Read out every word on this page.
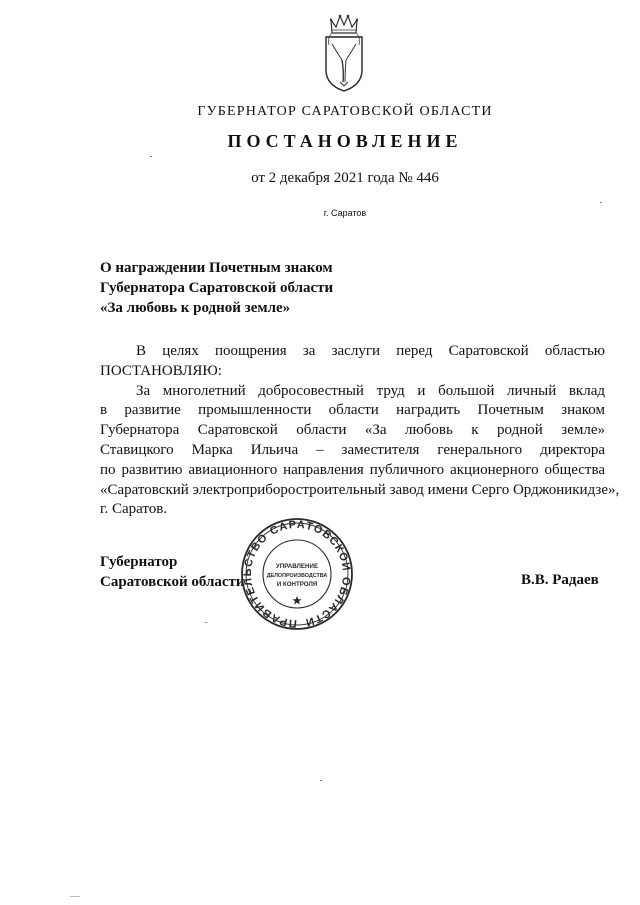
ГУБЕРНАТОР САРАТОВСКОЙ ОБЛАСТИ
ПОСТАНОВЛЕНИЕ
от 2 декабря 2021 года № 446
г. Саратов
О награждении Почетным знаком
Губернатора Саратовской области
«За любовь к родной земле»
В целях поощрения за заслуги перед Саратовской областью
ПОСТАНОВЛЯЮ:
За многолетний добросовестный труд и большой личный вклад
в развитие промышленности области наградить Почетным знаком
Губернатора Саратовской области «За любовь к родной земле»
Ставицкого Марка Ильича – заместителя генерального директора
по развитию авиационного направления публичного акционерного общества
«Саратовский электроприборостроительный завод имени Серго Орджоникидзе»,
г. Саратов.
Губернатор
Саратовской области	В.В. Радаев
ПРАВИТЕЛЬСТВО САРАТОВСКОЙ ОБЛАСТИ
УПРАВЛЕНИЕ
ДЕЛОПРОИЗВОДСТВА
И КОНТРОЛЯ
